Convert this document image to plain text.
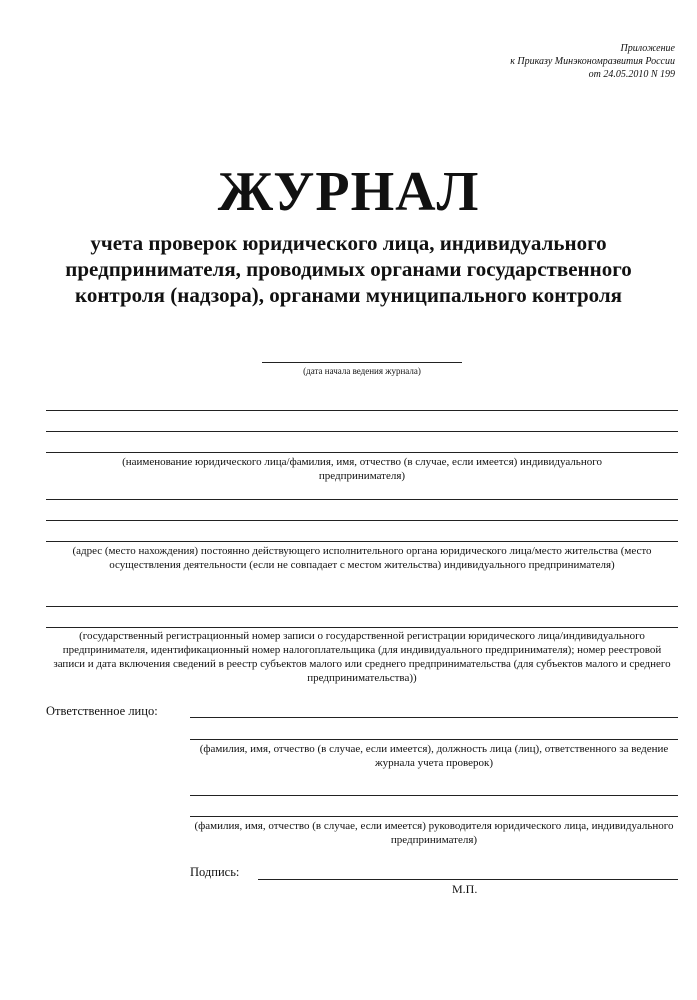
Приложение
к Приказу Минэкономразвития России
от 24.05.2010 N 199
ЖУРНАЛ
учета проверок юридического лица, индивидуального предпринимателя, проводимых органами государственного контроля (надзора), органами муниципального контроля
(дата начала ведения журнала)
(наименование юридического лица/фамилия, имя, отчество (в случае, если имеется) индивидуального предпринимателя)
(адрес (место нахождения) постоянно действующего исполнительного органа юридического лица/место жительства (место осуществления деятельности (если не совпадает с местом жительства) индивидуального предпринимателя)
(государственный регистрационный номер записи о государственной регистрации юридического лица/индивидуального предпринимателя, идентификационный номер налогоплательщика (для индивидуального предпринимателя); номер реестровой записи и дата включения сведений в реестр субъектов малого или среднего предпринимательства (для субъектов малого и среднего предпринимательства))
Ответственное лицо:
(фамилия, имя, отчество (в случае, если имеется), должность лица (лиц), ответственного за ведение журнала учета проверок)
(фамилия, имя, отчество (в случае, если имеется) руководителя юридического лица, индивидуального предпринимателя)
Подпись:
М.П.
